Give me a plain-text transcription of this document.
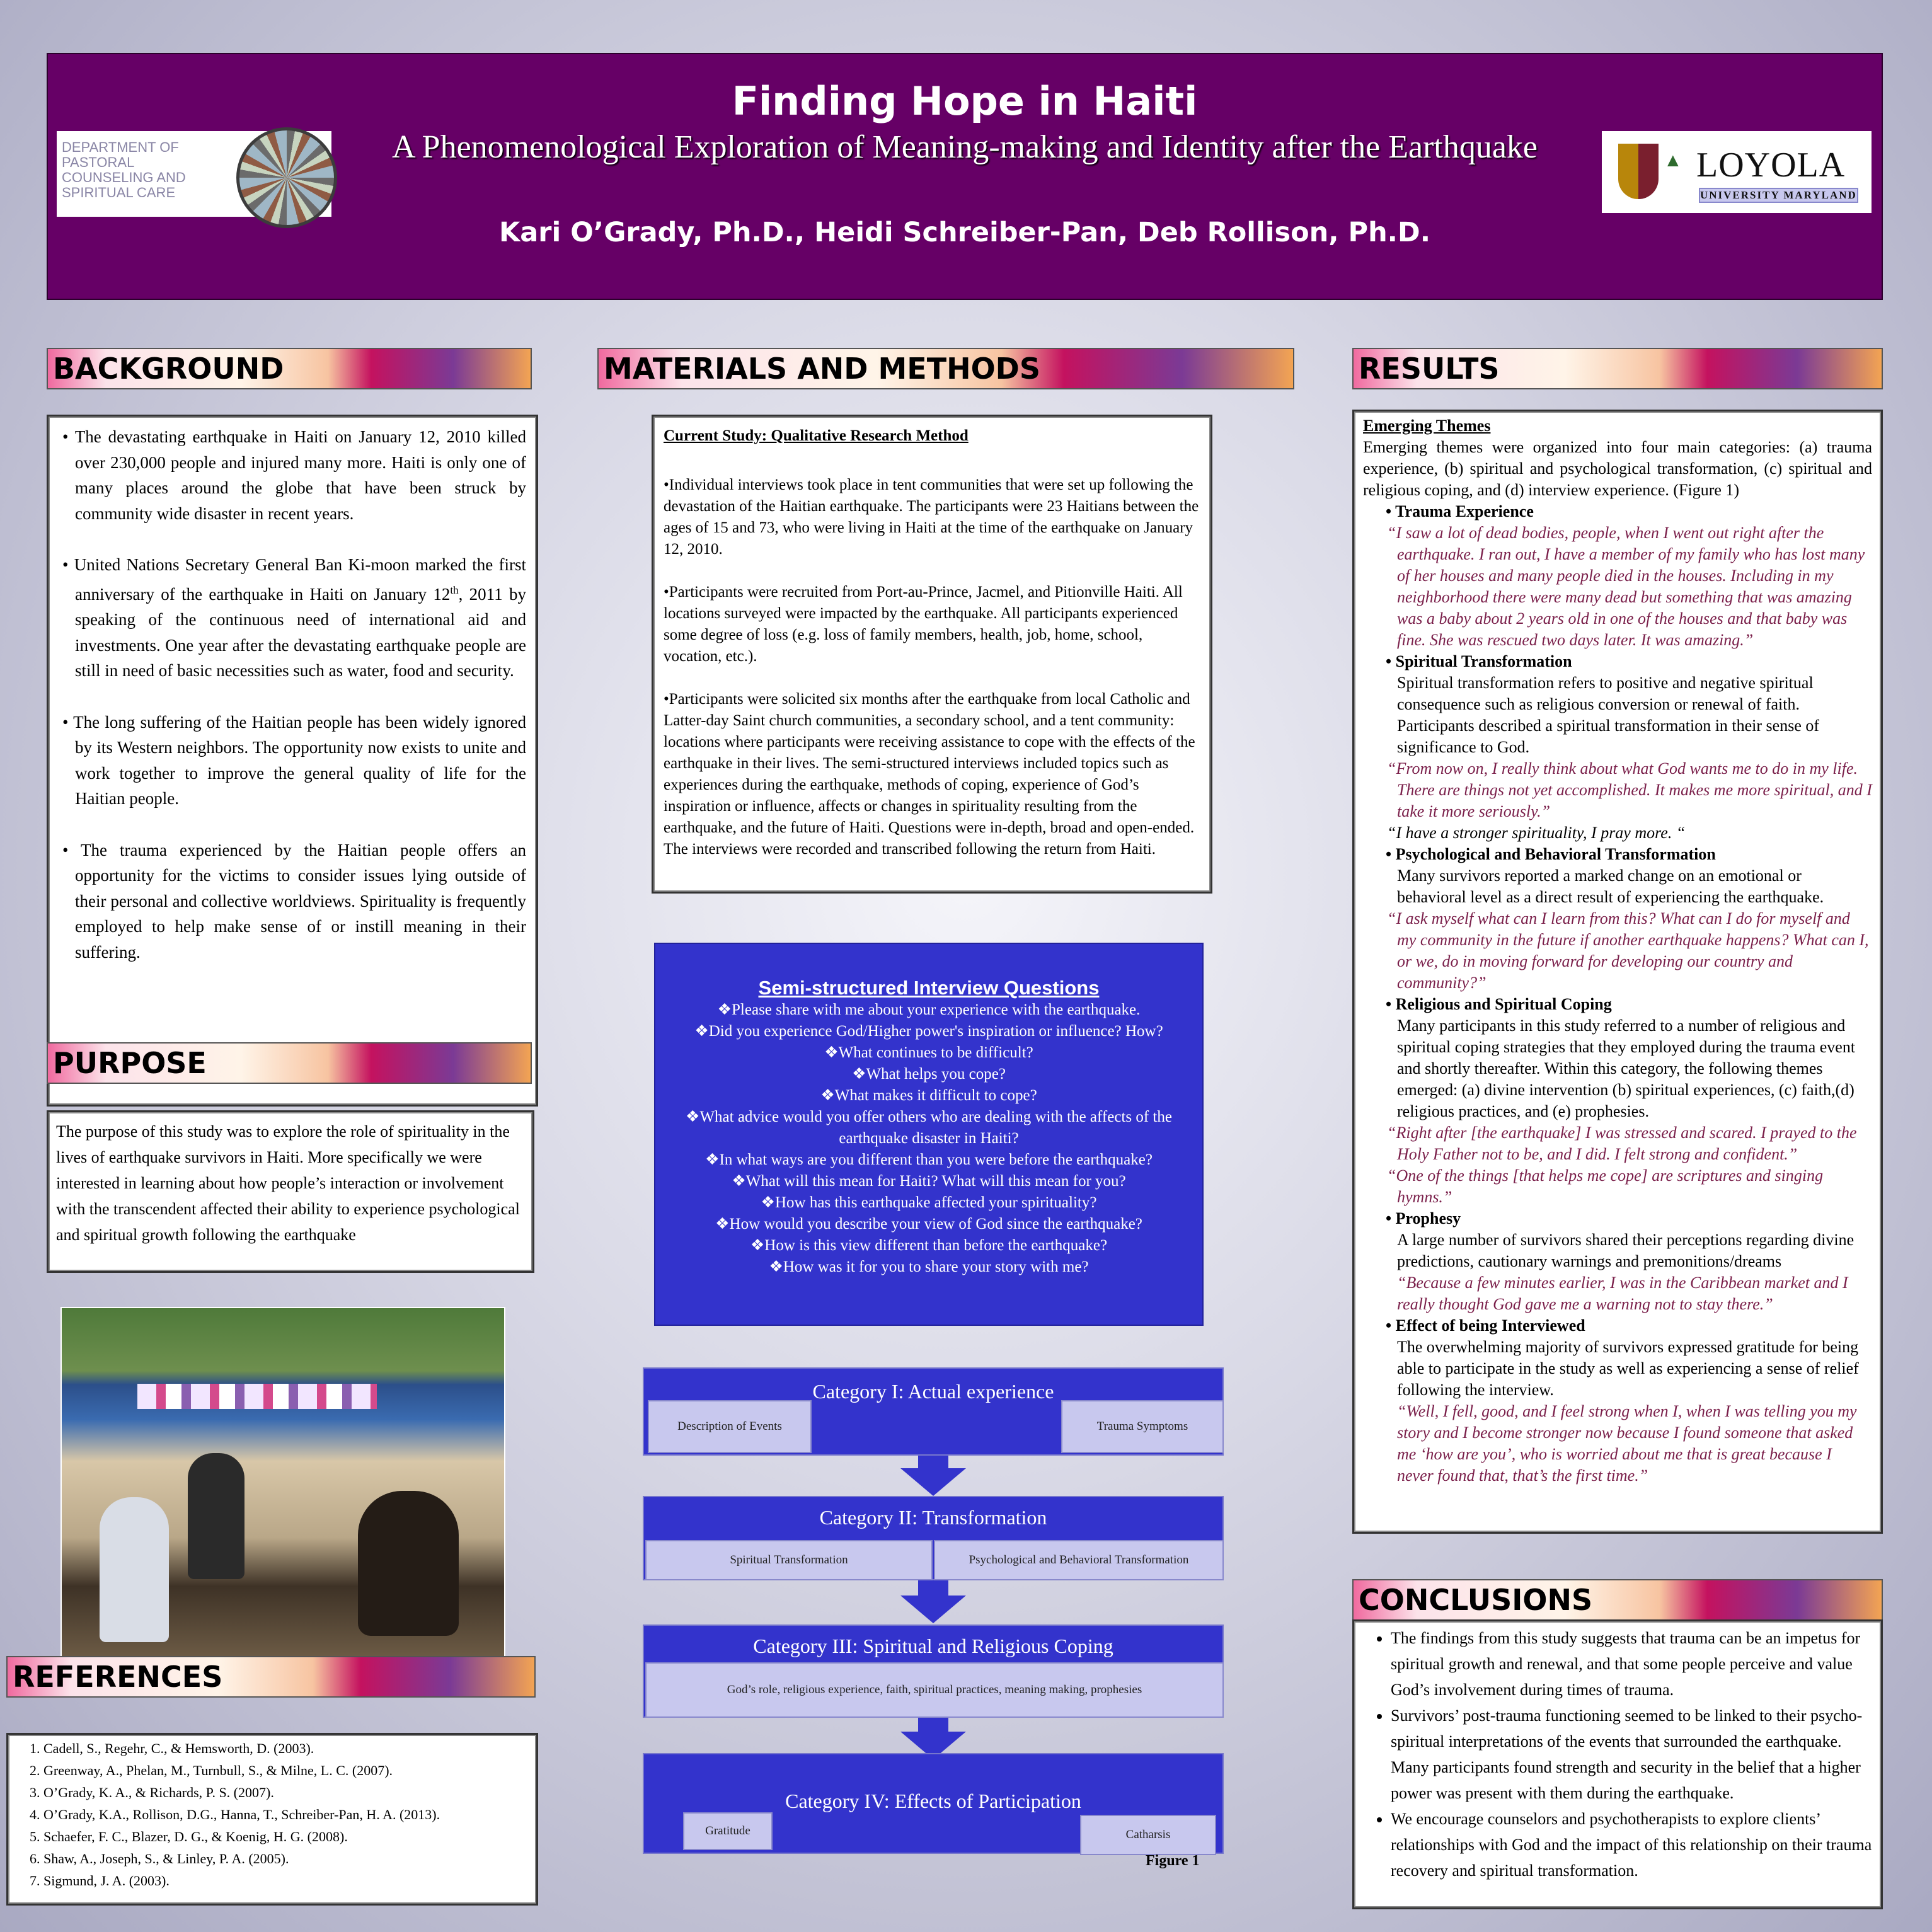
Finding Hope in Haiti
A Phenomenological Exploration of Meaning-making and Identity after the Earthquake
Kari O’Grady, Ph.D., Heidi Schreiber-Pan, Deb Rollison, Ph.D.
DEPARTMENT OF PASTORAL COUNSELING AND SPIRITUAL CARE
▲ LOYOLA
UNIVERSITY MARYLAND
BACKGROUND

• The devastating earthquake in Haiti on January 12, 2010 killed over 230,000 people and injured many more. Haiti is only one of many places around the globe that have been struck by community wide disaster in recent years.

• United Nations Secretary General Ban Ki-moon marked the first anniversary of the earthquake in Haiti on January 12th, 2011 by speaking of the continuous need of international aid and investments. One year after the devastating earthquake people are still in need of basic necessities such as water, food and security.

• The long suffering of the Haitian people has been widely ignored by its Western neighbors. The opportunity now exists to unite and work together to improve the general quality of life for the Haitian people.

• The trauma experienced by the Haitian people offers an opportunity for the victims to consider issues lying outside of their personal and collective worldviews. Spirituality is frequently employed to help make sense of or instill meaning in their suffering.

PURPOSE
The purpose of this study was to explore the role of spirituality in the lives of earthquake survivors in Haiti. More specifically we were interested in learning about how people’s interaction or involvement with the transcendent affected their ability to experience psychological and spiritual growth following the earthquake
REFERENCES
1. Cadell, S., Regehr, C., & Hemsworth, D. (2003).
2. Greenway, A., Phelan, M., Turnbull, S., & Milne, L. C. (2007).
3. O’Grady, K. A., & Richards, P. S. (2007).
4. O’Grady, K.A., Rollison, D.G., Hanna, T., Schreiber-Pan, H. A. (2013).
5. Schaefer, F. C., Blazer, D. G., & Koenig, H. G. (2008).
6. Shaw, A., Joseph, S., & Linley, P. A. (2005).
7. Sigmund, J. A. (2003).
MATERIALS AND METHODS

Current Study: Qualitative Research Method

•Individual interviews took place in tent communities that were set up following the devastation of the Haitian earthquake. The participants were 23 Haitians between the ages of 15 and 73, who were living in Haiti at the time of the earthquake on January 12, 2010.

•Participants were recruited from Port-au-Prince, Jacmel, and Pitionville Haiti. All locations surveyed were impacted by the earthquake. All participants experienced some degree of loss (e.g. loss of family members, health, job, home, school, vocation, etc.).

•Participants were solicited six months after the earthquake from local Catholic and Latter-day Saint church communities, a secondary school, and a tent community: locations where participants were receiving assistance to cope with the effects of the earthquake in their lives. The semi-structured interviews included topics such as experiences during the earthquake, methods of coping, experience of God’s inspiration or influence, affects or changes in spirituality resulting from the earthquake, and the future of Haiti. Questions were in-depth, broad and open-ended. The interviews were recorded and transcribed following the return from Haiti.

Semi-structured Interview Questions
❖Please share with me about your experience with the earthquake.
❖Did you experience God/Higher power's inspiration or influence? How?
❖What continues to be difficult?
❖What helps you cope?
❖What makes it difficult to cope?
❖What advice would you offer others who are dealing with the affects of the earthquake disaster in Haiti?
❖In what ways are you different than you were before the earthquake?
❖What will this mean for Haiti? What will this mean for you?
❖How has this earthquake affected your spirituality?
❖How would you describe your view of God since the earthquake?
❖How is this view different than before the earthquake?
❖How was it for you to share your story with me?
Category I: Actual experience
Description of Events	Trauma Symptoms
Category II: Transformation
Spiritual Transformation	Psychological and Behavioral Transformation
Category III: Spiritual and Religious Coping
God’s role, religious experience, faith, spiritual practices, meaning making, prophesies
Category IV: Effects of Participation
Gratitude	Catharsis
Figure 1
RESULTS

Emerging Themes

Emerging themes were organized into four main categories: (a) trauma experience, (b) spiritual and psychological transformation, (c) spiritual and religious coping, and (d) interview experience. (Figure 1)

• Trauma Experience

“I saw a lot of dead bodies, people, when I went out right after the earthquake. I ran out, I have a member of my family who has lost many of her houses and many people died in the houses. Including in my neighborhood there were many dead but something that was amazing was a baby about 2 years old in one of the houses and that baby was fine. She was rescued two days later. It was amazing.”

• Spiritual Transformation

Spiritual transformation refers to positive and negative spiritual consequence such as religious conversion or renewal of faith. Participants described a spiritual transformation in their sense of significance to God.

“From now on, I really think about what God wants me to do in my life. There are things not yet accomplished. It makes me more spiritual, and I take it more seriously.”

“I have a stronger spirituality, I pray more. “

• Psychological and Behavioral Transformation

Many survivors reported a marked change on an emotional or behavioral level as a direct result of experiencing the earthquake.

“I ask myself what can I learn from this? What can I do for myself and my community in the future if another earthquake happens? What can I, or we, do in moving forward for developing our country and community?”

• Religious and Spiritual Coping

Many participants in this study referred to a number of religious and spiritual coping strategies that they employed during the trauma event and shortly thereafter. Within this category, the following themes emerged: (a) divine intervention (b) spiritual experiences, (c) faith,(d) religious practices, and (e) prophesies.

“Right after [the earthquake] I was stressed and scared. I prayed to the Holy Father not to be, and I did. I felt strong and confident.”

“One of the things [that helps me cope] are scriptures and singing hymns.”

• Prophesy

A large number of survivors shared their perceptions regarding divine predictions, cautionary warnings and premonitions/dreams

“Because a few minutes earlier, I was in the Caribbean market and I really thought God gave me a warning not to stay there.”

• Effect of being Interviewed

The overwhelming majority of survivors expressed gratitude for being able to participate in the study as well as experiencing a sense of relief following the interview.

“Well, I fell, good, and I feel strong when I, when I was telling you my story and I become stronger now because I found someone that asked me ‘how are you’, who is worried about me that is great because I never found that, that’s the first time.”

CONCLUSIONS
• The findings from this study suggests that trauma can be an impetus for spiritual growth and renewal, and that some people perceive and value God’s involvement during times of trauma.
• Survivors’ post-trauma functioning seemed to be linked to their psycho-spiritual interpretations of the events that surrounded the earthquake. Many participants found strength and security in the belief that a higher power was present with them during the earthquake.
• We encourage counselors and psychotherapists to explore clients’ relationships with God and the impact of this relationship on their trauma recovery and spiritual transformation.
